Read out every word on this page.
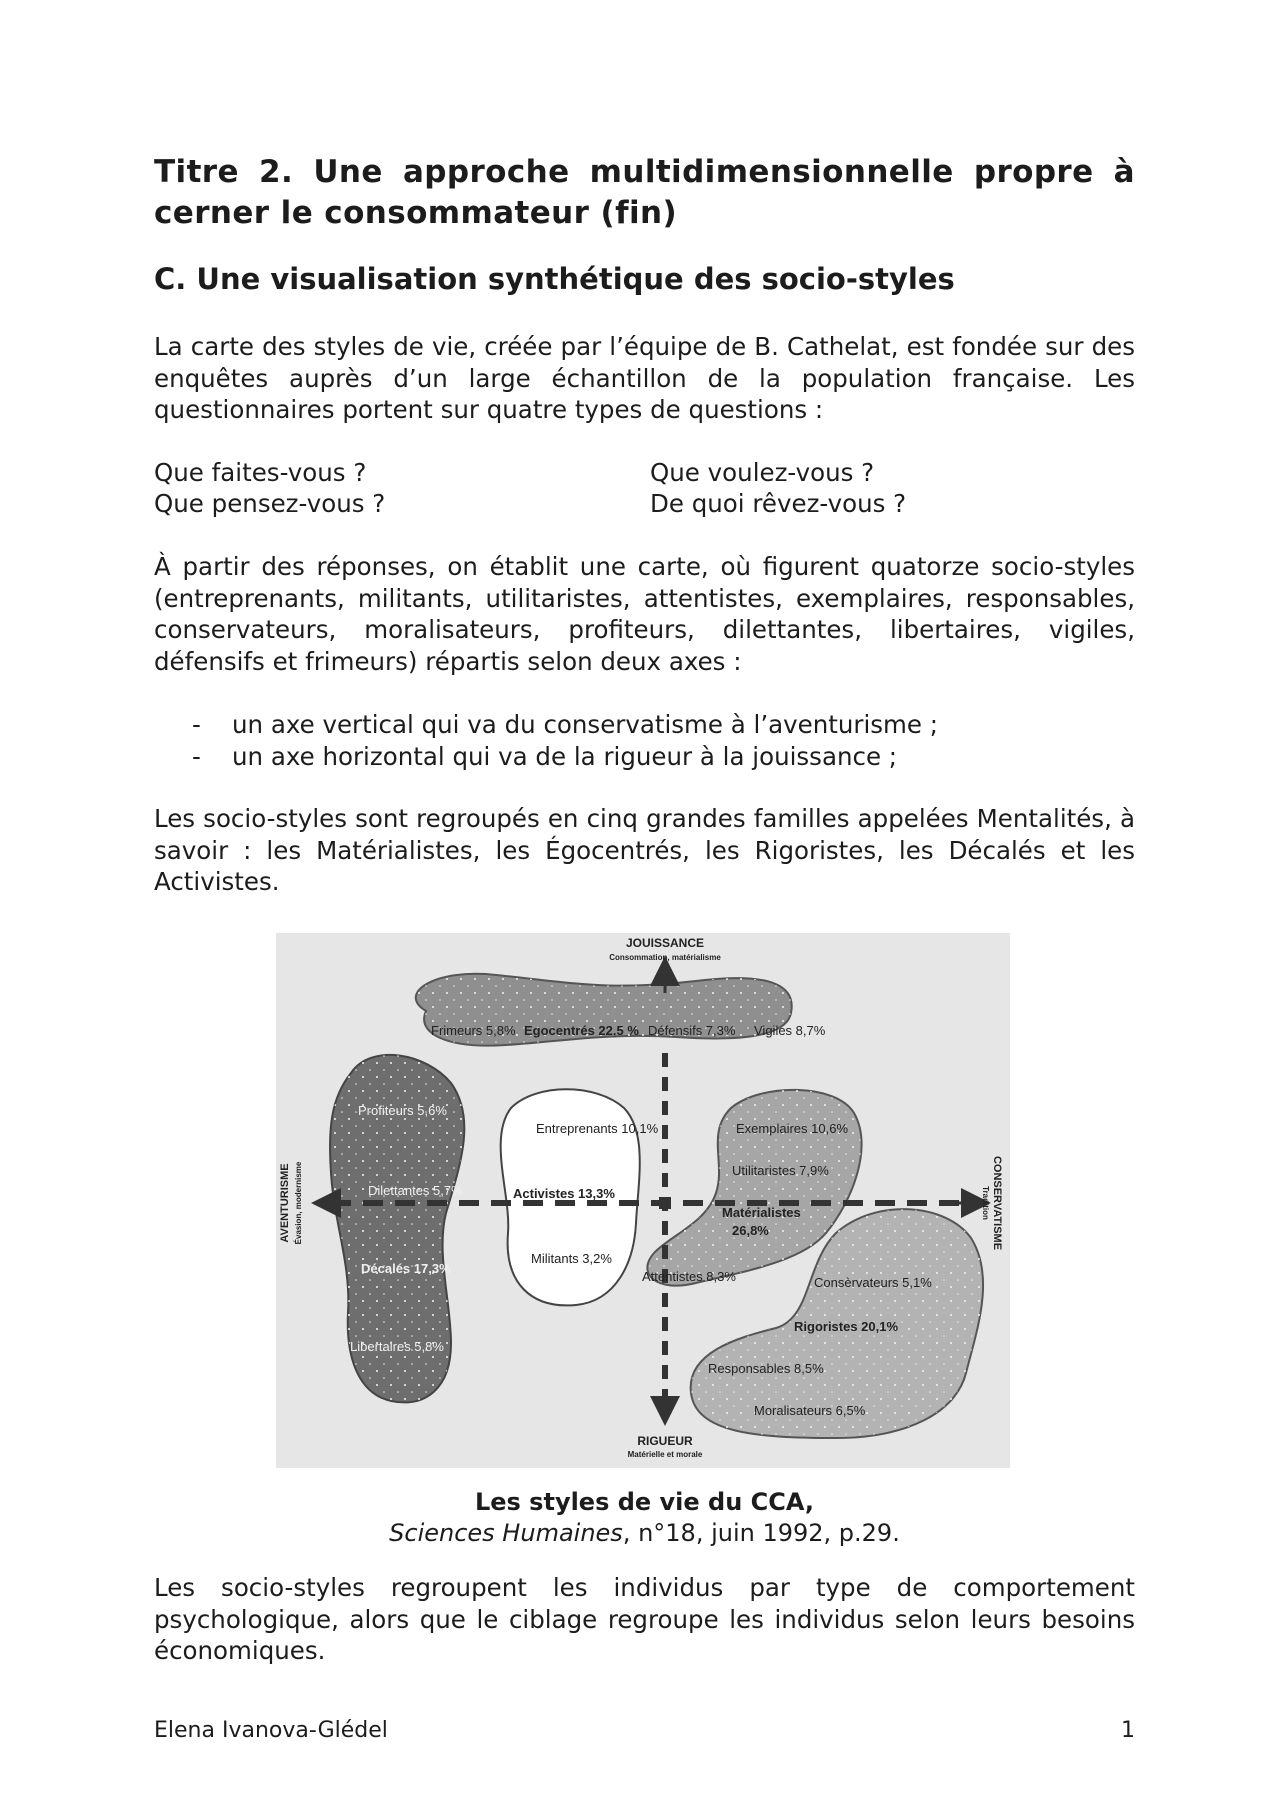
Titre 2. Une approche multidimensionnelle propre à cerner le consommateur (fin)
C. Une visualisation synthétique des socio-styles

La carte des styles de vie, créée par l’équipe de B. Cathelat, est fondée sur des enquêtes auprès d’un large échantillon de la population française. Les questionnaires portent sur quatre types de questions :

Que faites-vous ?	Que voulez-vous ?
Que pensez-vous ?	De quoi rêvez-vous ?

À partir des réponses, on établit une carte, où figurent quatorze socio-styles (entreprenants, militants, utilitaristes, attentistes, exemplaires, responsables, conservateurs, moralisateurs, profiteurs, dilettantes, libertaires, vigiles, défensifs et frimeurs) répartis selon deux axes :

-	un axe vertical qui va du conservatisme à l’aventurisme ;
-	un axe horizontal qui va de la rigueur à la jouissance ;

Les socio-styles sont regroupés en cinq grandes familles appelées Mentalités, à savoir : les Matérialistes, les Égocentrés, les Rigoristes, les Décalés et les Activistes.

JOUISSANCE
Consommation, matérialisme
RIGUEUR
Matérielle et morale
AVENTURISME Évasion, modernisme	CONSERVATISME
Tradition
Frimeurs 5,8% Egocentrés 22,5 % Défensifs 7,3% Vigiles 8,7%
Profiteurs 5,6%
Dilettantes 5,7%
Décalés 17,3%
Libertaires 5,8%
Entreprenants 10,1%
Activistes 13,3%
Militants 3,2%
Exemplaires 10,6%
Utilitaristes 7,9%
Matérialistes
26,8%
Attentistes 8,3%	Consèrvateurs 5,1%
Rigoristes 20,1%
Responsables 8,5%
Moralisateurs 6,5%
Les styles de vie du CCA,
Sciences Humaines, n°18, juin 1992, p.29.

Les socio-styles regroupent les individus par type de comportement psychologique, alors que le ciblage regroupe les individus selon leurs besoins économiques.

Elena Ivanova-Glédel	1
